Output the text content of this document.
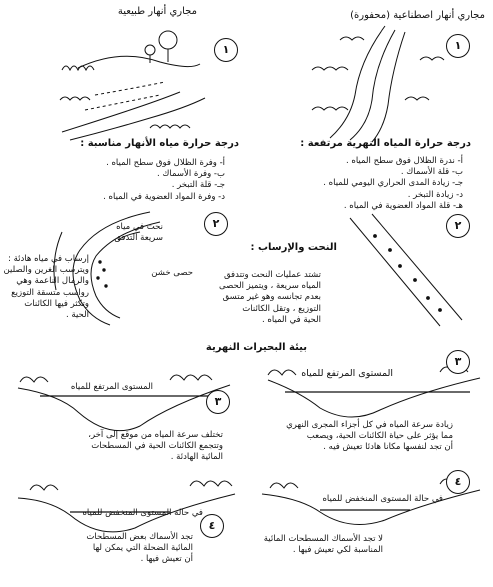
مجاري أنهار طبيعية	مجاري أنهار اصطناعية (محفورة)
بيئة البحيرات النهرية
١
٢
٣
٤
١
٢
٣
٤
درجة حرارة مياه الأنهار مناسبة :
أ- وفرة الظلال فوق سطح المياه .
ب- وفرة الأسماك .
جـ- قلة التبخر .
د- وفرة المواد العضوية في المياه .
نحت في مياه
سريعة التدفق
حصى خشن
إرساب في مياه هادئة :
ويترسب الغرين والصلين
والرمال الناعمة وهي
رواسب متسقة التوزيع
وتكثر فيها الكائنات
الحية .
المستوى المرتفع للمياه
تختلف سرعة المياه من موقع إلى آخر،
وتتجمع الكائنات الحية في المسطحات
المائية الهادئة .
في حالة المستوى المنخفض للمياه
تجد الأسماك بعض المسطحات
المائية الضحلة التي يمكن لها
أن تعيش فيها .
درجة حرارة المياه النهرية مرتفعة :
أ- ندرة الظلال فوق سطح المياه .
ب- قلة الأسماك .
جـ- زيادة المدى الحراري اليومي للمياه .
د- زيادة التبخر .
هـ- قلة المواد العضوية في المياه .
النحت والإرساب :
تشتد عمليات النحت وتتدفق
المياه سريعة ، ويتميز الحصى
بعدم تجانسه وهو غير متسق
التوزيع ، وتقل الكائنات
الحية في المياه .
المستوى المرتفع للمياه
زيادة سرعة المياه في كل أجزاء المجرى النهري
مما يؤثر على حياة الكائنات الحية، ويصعب
أن تجد لنفسها مكانا هادئا تعيش فيه .
في حالة المستوى المنخفض للمياه
لا تجد الأسماك المسطحات المائية
المناسبة لكي تعيش فيها .
